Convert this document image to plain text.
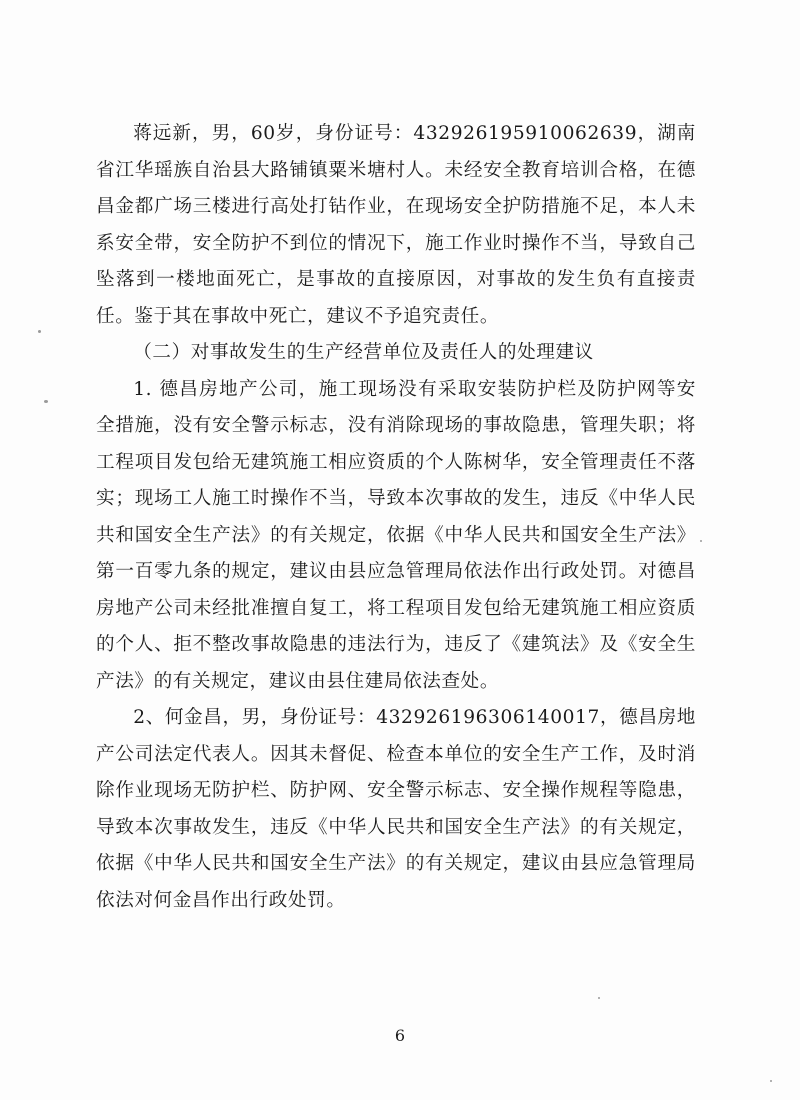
蒋远新，男，60岁，身份证号：432926195910062639，湖南省江华瑶族自治县大路铺镇粟米塘村人。未经安全教育培训合格，在德昌金都广场三楼进行高处打钻作业，在现场安全护防措施不足，本人未系安全带，安全防护不到位的情况下，施工作业时操作不当，导致自己坠落到一楼地面死亡，是事故的直接原因，对事故的发生负有直接责任。鉴于其在事故中死亡，建议不予追究责任。

（二）对事故发生的生产经营单位及责任人的处理建议

1. 德昌房地产公司，施工现场没有采取安装防护栏及防护网等安全措施，没有安全警示标志，没有消除现场的事故隐患，管理失职；将工程项目发包给无建筑施工相应资质的个人陈树华，安全管理责任不落实；现场工人施工时操作不当，导致本次事故的发生，违反《中华人民共和国安全生产法》的有关规定，依据《中华人民共和国安全生产法》第一百零九条的规定，建议由县应急管理局依法作出行政处罚。对德昌房地产公司未经批准擅自复工，将工程项目发包给无建筑施工相应资质的个人、拒不整改事故隐患的违法行为，违反了《建筑法》及《安全生产法》的有关规定，建议由县住建局依法查处。

2、何金昌，男，身份证号：432926196306140017，德昌房地产公司法定代表人。因其未督促、检查本单位的安全生产工作，及时消除作业现场无防护栏、防护网、安全警示标志、安全操作规程等隐患，导致本次事故发生，违反《中华人民共和国安全生产法》的有关规定，依据《中华人民共和国安全生产法》的有关规定，建议由县应急管理局依法对何金昌作出行政处罚。

6
